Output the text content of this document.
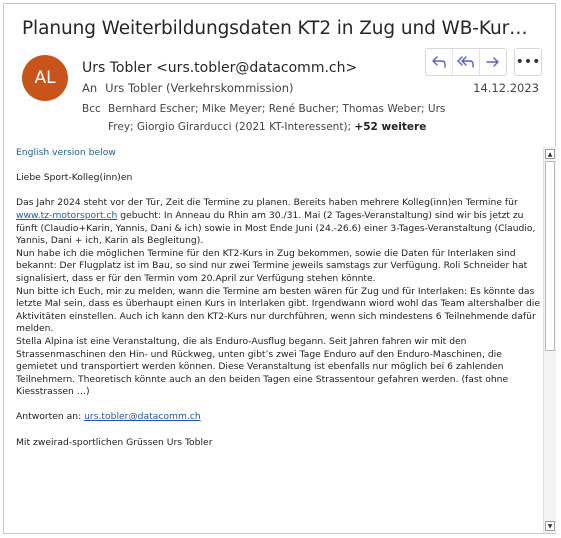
Planung Weiterbildungsdaten KT2 in Zug und WB-Kur…
AL	Urs Tobler <urs.tobler@datacomm.ch>
An Urs Tobler (Verkehrskommission)	14.12.2023
Bcc Bernhard Escher; Mike Meyer; René Bucher; Thomas Weber; Urs Frey; Giorgio Girarducci (2021 KT-Interessent); +52 weitere
•••

English version below

Liebe Sport-Kolleg(inn)en

Das Jahr 2024 steht vor der Tür, Zeit die Termine zu planen. Bereits haben mehrere Kolleg(inn)en Termine für www.tz-motorsport.ch gebucht: In Anneau du Rhin am 30./31. Mai (2 Tages-Veranstaltung) sind wir bis jetzt zu fünft (Claudio+Karin, Yannis, Dani & ich) sowie in Most Ende Juni (24.-26.6) einer 3-Tages-Veranstaltung (Claudio, Yannis, Dani + ich, Karin als Begleitung).

Nun habe ich die möglichen Termine für den KT2-Kurs in Zug bekommen, sowie die Daten für Interlaken sind bekannt: Der Flugplatz ist im Bau, so sind nur zwei Termine jeweils samstags zur Verfügung. Roli Schneider hat signalisiert, dass er für den Termin vom 20.April zur Verfügung stehen könnte.

Nun bitte ich Euch, mir zu melden, wann die Termine am besten wären für Zug und für Interlaken: Es könnte das letzte Mal sein, dass es überhaupt einen Kurs in Interlaken gibt. Irgendwann wiord wohl das Team altershalber die Aktivitäten einstellen. Auch ich kann den KT2-Kurs nur durchführen, wenn sich mindestens 6 Teilnehmende dafür melden.

Stella Alpina ist eine Veranstaltung, die als Enduro-Ausflug begann. Seit Jahren fahren wir mit den Strassenmaschinen den Hin- und Rückweg, unten gibt’s zwei Tage Enduro auf den Enduro-Maschinen, die gemietet und transportiert werden können. Diese Veranstaltung ist ebenfalls nur möglich bei 6 zahlenden Teilnehmern. Theoretisch könnte auch an den beiden Tagen eine Strassentour gefahren werden. (fast ohne Kiesstrassen …)

Antworten an: urs.tobler@datacomm.ch

Mit zweirad-sportlichen Grüssen Urs Tobler

▲
▼
